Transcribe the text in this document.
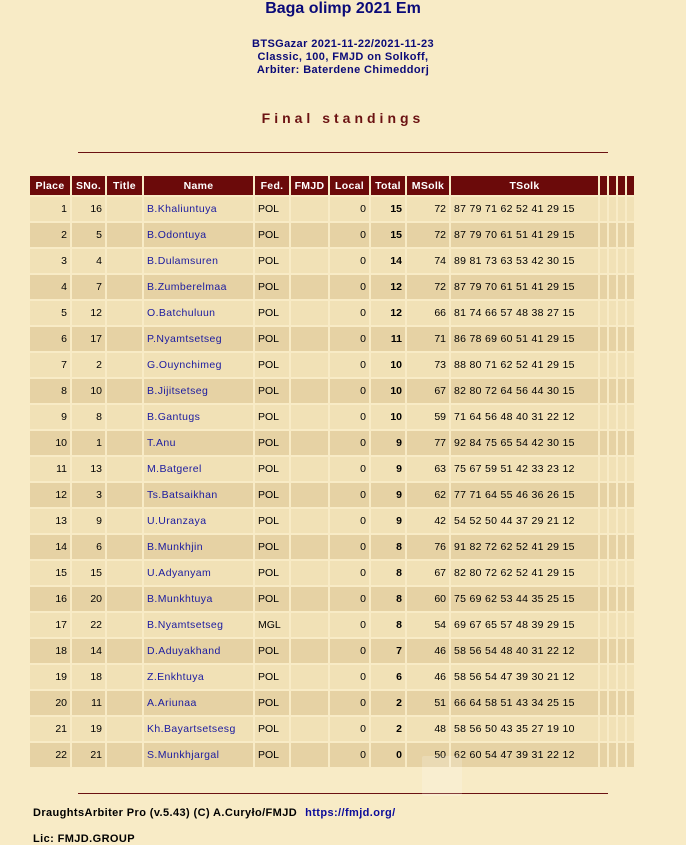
Baga olimp 2021 Em
BTSGazar 2021-11-22/2021-11-23
Classic, 100, FMJD on Solkoff,
Arbiter: Baterdene Chimeddorj
Final standings
Place	SNo.	Title	Name	Fed.	FMJD	Local	Total	MSolk	TSolk				
1	16		B.Khaliuntuya	POL		0	15	72	87 79 71 62 52 41 29 15				
2	5		B.Odontuya	POL		0	15	72	87 79 70 61 51 41 29 15				
3	4		B.Dulamsuren	POL		0	14	74	89 81 73 63 53 42 30 15				
4	7		B.Zumberelmaa	POL		0	12	72	87 79 70 61 51 41 29 15				
5	12		O.Batchuluun	POL		0	12	66	81 74 66 57 48 38 27 15				
6	17		P.Nyamtsetseg	POL		0	11	71	86 78 69 60 51 41 29 15				
7	2		G.Ouynchimeg	POL		0	10	73	88 80 71 62 52 41 29 15				
8	10		B.Jijitsetseg	POL		0	10	67	82 80 72 64 56 44 30 15				
9	8		B.Gantugs	POL		0	10	59	71 64 56 48 40 31 22 12				
10	1		T.Anu	POL		0	9	77	92 84 75 65 54 42 30 15				
11	13		M.Batgerel	POL		0	9	63	75 67 59 51 42 33 23 12				
12	3		Ts.Batsaikhan	POL		0	9	62	77 71 64 55 46 36 26 15				
13	9		U.Uranzaya	POL		0	9	42	54 52 50 44 37 29 21 12				
14	6		B.Munkhjin	POL		0	8	76	91 82 72 62 52 41 29 15				
15	15		U.Adyanyam	POL		0	8	67	82 80 72 62 52 41 29 15				
16	20		B.Munkhtuya	POL		0	8	60	75 69 62 53 44 35 25 15				
17	22		B.Nyamtsetseg	MGL		0	8	54	69 67 65 57 48 39 29 15				
18	14		D.Aduyakhand	POL		0	7	46	58 56 54 48 40 31 22 12				
19	18		Z.Enkhtuya	POL		0	6	46	58 56 54 47 39 30 21 12				
20	11		A.Ariunaa	POL		0	2	51	66 64 58 51 43 34 25 15				
21	19		Kh.Bayartsetsesg	POL		0	2	48	58 56 50 43 35 27 19 10				
22	21		S.Munkhjargal	POL		0	0	50	62 60 54 47 39 31 22 12				
DraughtsArbiter Pro (v.5.43) (C) A.Curyło/FMJD https://fmjd.org/
Lic: FMJD.GROUP
